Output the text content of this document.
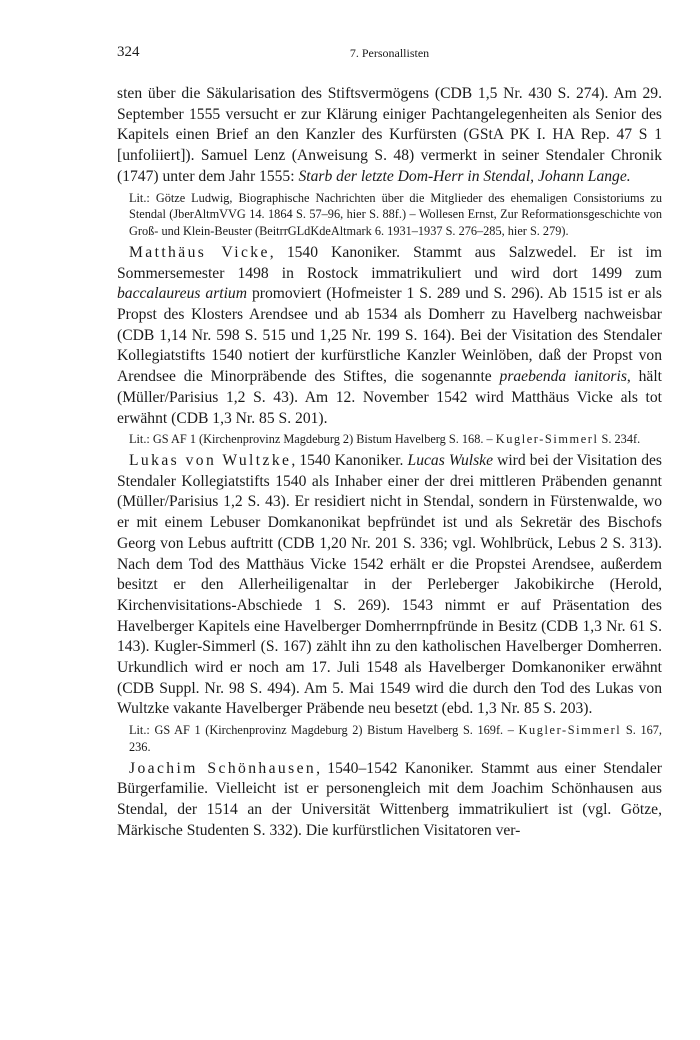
324	7. Personallisten

sten über die Säkularisation des Stiftsvermögens (CDB 1,5 Nr. 430 S. 274). Am 29. September 1555 versucht er zur Klärung einiger Pachtangelegenheiten als Senior des Kapitels einen Brief an den Kanzler des Kurfürsten (GStA PK I. HA Rep. 47 S 1 [unfoliiert]). Samuel Lenz (Anweisung S. 48) vermerkt in seiner Stendaler Chronik (1747) unter dem Jahr 1555: Starb der letzte Dom-Herr in Stendal, Johann Lange.

Lit.: Götze Ludwig, Biographische Nachrichten über die Mitglieder des ehemaligen Consistoriums zu Stendal (JberAltmVVG 14. 1864 S. 57–96, hier S. 88f.) – Wollesen Ernst, Zur Reformationsgeschichte von Groß- und Klein-Beuster (BeitrrGLdKdeAltmark 6. 1931–1937 S. 276–285, hier S. 279).

Matthäus Vicke, 1540 Kanoniker. Stammt aus Salzwedel. Er ist im Sommersemester 1498 in Rostock immatrikuliert und wird dort 1499 zum baccalaureus artium promoviert (Hofmeister 1 S. 289 und S. 296). Ab 1515 ist er als Propst des Klosters Arendsee und ab 1534 als Domherr zu Havelberg nachweisbar (CDB 1,14 Nr. 598 S. 515 und 1,25 Nr. 199 S. 164). Bei der Visitation des Stendaler Kollegiatstifts 1540 notiert der kurfürstliche Kanzler Weinlöben, daß der Propst von Arendsee die Minorpräbende des Stiftes, die sogenannte praebenda ianitoris, hält (Müller/Parisius 1,2 S. 43). Am 12. November 1542 wird Matthäus Vicke als tot erwähnt (CDB 1,3 Nr. 85 S. 201).

Lit.: GS AF 1 (Kirchenprovinz Magdeburg 2) Bistum Havelberg S. 168. – Kugler-Simmerl S. 234f.

Lukas von Wultzke, 1540 Kanoniker. Lucas Wulske wird bei der Visitation des Stendaler Kollegiatstifts 1540 als Inhaber einer der drei mittleren Präbenden genannt (Müller/Parisius 1,2 S. 43). Er residiert nicht in Stendal, sondern in Fürstenwalde, wo er mit einem Lebuser Domkanonikat bepfründet ist und als Sekretär des Bischofs Georg von Lebus auftritt (CDB 1,20 Nr. 201 S. 336; vgl. Wohlbrück, Lebus 2 S. 313). Nach dem Tod des Matthäus Vicke 1542 erhält er die Propstei Arendsee, außerdem besitzt er den Allerheiligenaltar in der Perleberger Jakobikirche (Herold, Kirchenvisitations-Abschiede 1 S. 269). 1543 nimmt er auf Präsentation des Havelberger Kapitels eine Havelberger Domherrnpfründe in Besitz (CDB 1,3 Nr. 61 S. 143). Kugler-Simmerl (S. 167) zählt ihn zu den katholischen Havelberger Domherren. Urkundlich wird er noch am 17. Juli 1548 als Havelberger Domkanoniker erwähnt (CDB Suppl. Nr. 98 S. 494). Am 5. Mai 1549 wird die durch den Tod des Lukas von Wultzke vakante Havelberger Präbende neu besetzt (ebd. 1,3 Nr. 85 S. 203).

Lit.: GS AF 1 (Kirchenprovinz Magdeburg 2) Bistum Havelberg S. 169f. – Kugler-Simmerl S. 167, 236.

Joachim Schönhausen, 1540–1542 Kanoniker. Stammt aus einer Stendaler Bürgerfamilie. Vielleicht ist er personengleich mit dem Joachim Schönhausen aus Stendal, der 1514 an der Universität Wittenberg immatrikuliert ist (vgl. Götze, Märkische Studenten S. 332). Die kurfürstlichen Visitatoren ver-
